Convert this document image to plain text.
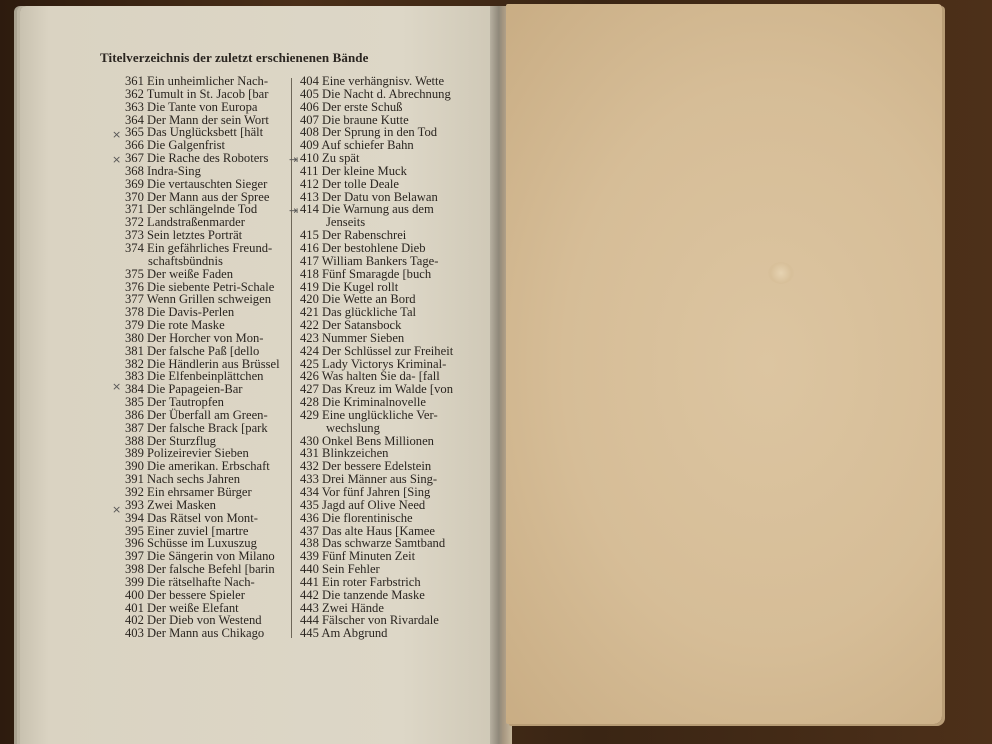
Titelverzeichnis der zuletzt erschienenen Bände
361 Ein unheimlicher Nach-
362 Tumult in St. Jacob [bar
363 Die Tante von Europa
364 Der Mann der sein Wort
365 Das Unglücksbett [hält
366 Die Galgenfrist
367 Die Rache des Roboters
368 Indra-Sing
369 Die vertauschten Sieger
370 Der Mann aus der Spree
371 Der schlängelnde Tod
372 Landstraßenmarder
373 Sein letztes Porträt
374 Ein gefährliches Freund-
schaftsbündnis
375 Der weiße Faden
376 Die siebente Petri-Schale
377 Wenn Grillen schweigen
378 Die Davis-Perlen
379 Die rote Maske
380 Der Horcher von Mon-
381 Der falsche Paß [dello
382 Die Händlerin aus Brüssel
383 Die Elfenbeinplättchen
384 Die Papageien-Bar
385 Der Tautropfen
386 Der Überfall am Green-
387 Der falsche Brack [park
388 Der Sturzflug
389 Polizeirevier Sieben
390 Die amerikan. Erbschaft
391 Nach sechs Jahren
392 Ein ehrsamer Bürger
393 Zwei Masken
394 Das Rätsel von Mont-
395 Einer zuviel [martre
396 Schüsse im Luxuszug
397 Die Sängerin von Milano
398 Der falsche Befehl [barin
399 Die rätselhafte Nach-
400 Der bessere Spieler
401 Der weiße Elefant
402 Der Dieb von Westend
403 Der Mann aus Chikago
404 Eine verhängnisv. Wette
405 Die Nacht d. Abrechnung
406 Der erste Schuß
407 Die braune Kutte
408 Der Sprung in den Tod
409 Auf schiefer Bahn
410 Zu spät
411 Der kleine Muck
412 Der tolle Deale
413 Der Datu von Belawan
414 Die Warnung aus dem
Jenseits
415 Der Rabenschrei
416 Der bestohlene Dieb
417 William Bankers Tage-
418 Fünf Smaragde [buch
419 Die Kugel rollt
420 Die Wette an Bord
421 Das glückliche Tal
422 Der Satansbock
423 Nummer Sieben
424 Der Schlüssel zur Freiheit
425 Lady Victorys Kriminal-
426 Was halten Sie da- [fall
427 Das Kreuz im Walde [von
428 Die Kriminalnovelle
429 Eine unglückliche Ver-
wechslung
430 Onkel Bens Millionen
431 Blinkzeichen
432 Der bessere Edelstein
433 Drei Männer aus Sing-
434 Vor fünf Jahren [Sing
435 Jagd auf Olive Need
436 Die florentinische
437 Das alte Haus [Kamee
438 Das schwarze Samtband
439 Fünf Minuten Zeit
440 Sein Fehler
441 Ein roter Farbstrich
442 Die tanzende Maske
443 Zwei Hände
444 Fälscher von Rivardale
445 Am Abgrund
×
×
×
×
⇥
⇥
